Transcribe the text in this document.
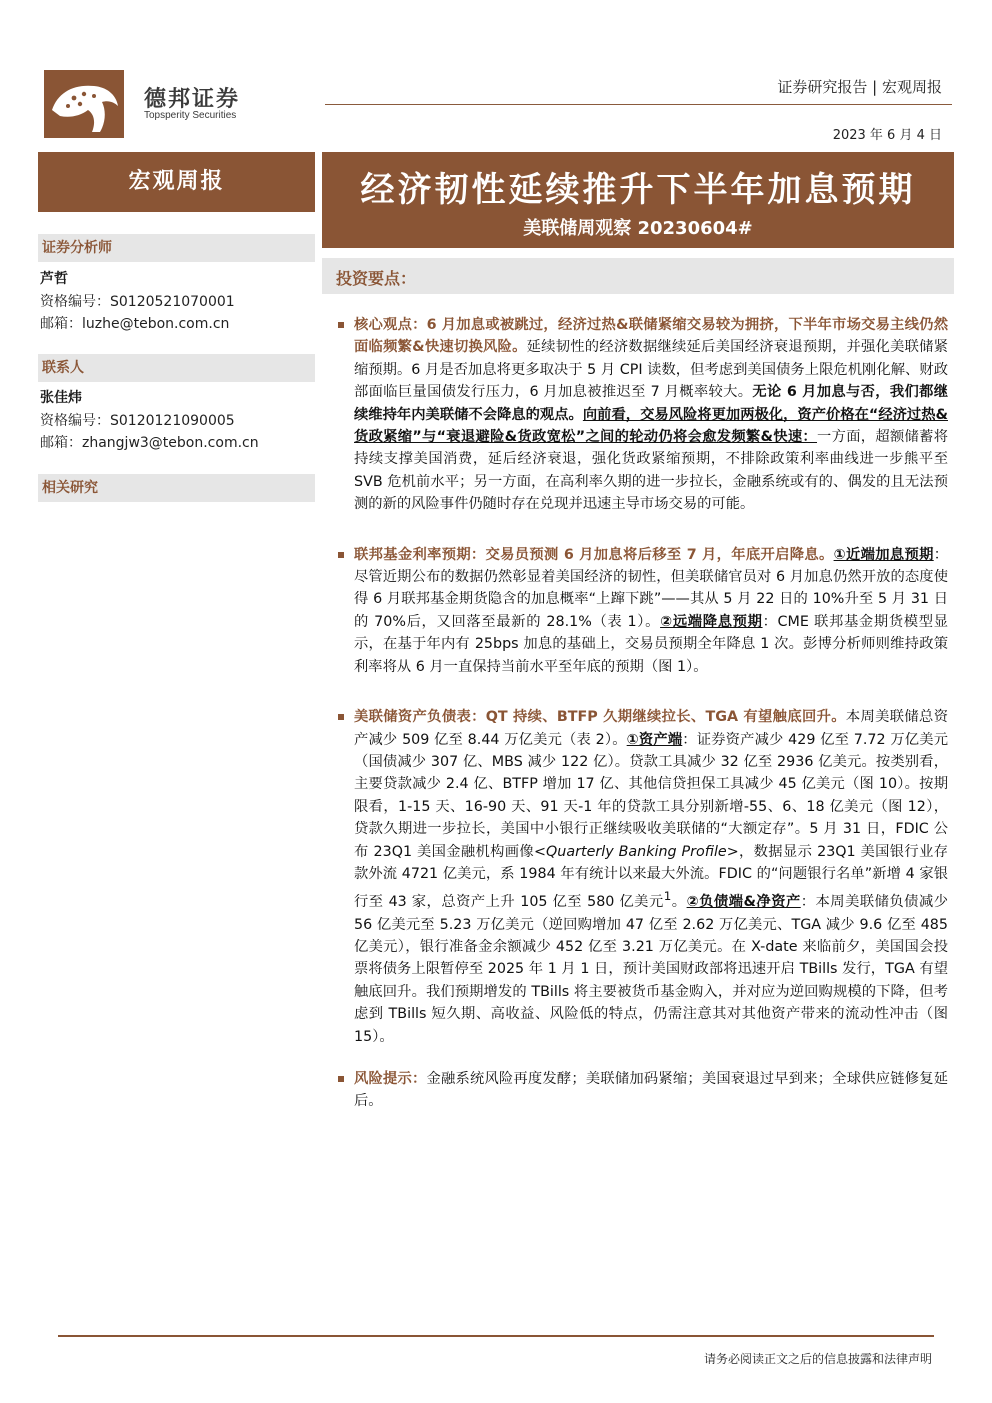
德邦证券
Topsperity Securities
证券研究报告 | 宏观周报
2023 年 6 月 4 日
宏观周报	经济韧性延续推升下半年加息预期
美联储周观察 20230604#
证券分析师
芦哲
资格编号：S0120521070001
邮箱：luzhe@tebon.com.cn
联系人
张佳炜
资格编号：S0120121090005
邮箱：zhangjw3@tebon.com.cn
相关研究
投资要点：
核心观点：6 月加息或被跳过，经济过热&联储紧缩交易较为拥挤，下半年市场交易主线仍然面临频繁&快速切换风险。延续韧性的经济数据继续延后美国经济衰退预期，并强化美联储紧缩预期。6 月是否加息将更多取决于 5 月 CPI 读数，但考虑到美国债务上限危机刚化解、财政部面临巨量国债发行压力，6 月加息被推迟至 7 月概率较大。无论 6 月加息与否，我们都继续维持年内美联储不会降息的观点。向前看，交易风险将更加两极化，资产价格在“经济过热&货政紧缩”与“衰退避险&货政宽松”之间的轮动仍将会愈发频繁&快速：一方面，超额储蓄将持续支撑美国消费，延后经济衰退，强化货政紧缩预期，不排除政策利率曲线进一步熊平至 SVB 危机前水平；另一方面，在高利率久期的进一步拉长，金融系统或有的、偶发的且无法预测的新的风险事件仍随时存在兑现并迅速主导市场交易的可能。
联邦基金利率预期：交易员预测 6 月加息将后移至 7 月，年底开启降息。①近端加息预期：尽管近期公布的数据仍然彰显着美国经济的韧性，但美联储官员对 6 月加息仍然开放的态度使得 6 月联邦基金期货隐含的加息概率“上蹿下跳”——其从 5 月 22 日的 10%升至 5 月 31 日的 70%后，又回落至最新的 28.1%（表 1）。②远端降息预期：CME 联邦基金期货模型显示，在基于年内有 25bps 加息的基础上，交易员预期全年降息 1 次。彭博分析师则维持政策利率将从 6 月一直保持当前水平至年底的预期（图 1）。
美联储资产负债表：QT 持续、BTFP 久期继续拉长、TGA 有望触底回升。本周美联储总资产减少 509 亿至 8.44 万亿美元（表 2）。①资产端：证券资产减少 429 亿至 7.72 万亿美元（国债减少 307 亿、MBS 减少 122 亿）。贷款工具减少 32 亿至 2936 亿美元。按类别看，主要贷款减少 2.4 亿、BTFP 增加 17 亿、其他信贷担保工具减少 45 亿美元（图 10）。按期限看，1-15 天、16-90 天、91 天-1 年的贷款工具分别新增-55、6、18 亿美元（图 12），贷款久期进一步拉长，美国中小银行正继续吸收美联储的“大额定存”。5 月 31 日，FDIC 公布 23Q1 美国金融机构画像<Quarterly Banking Profile>，数据显示 23Q1 美国银行业存款外流 4721 亿美元，系 1984 年有统计以来最大外流。FDIC 的“问题银行名单”新增 4 家银行至 43 家，总资产上升 105 亿至 580 亿美元$^1$。②负债端&净资产：本周美联储负债减少 56 亿美元至 5.23 万亿美元（逆回购增加 47 亿至 2.62 万亿美元、TGA 减少 9.6 亿至 485 亿美元），银行准备金余额减少 452 亿至 3.21 万亿美元。在 X-date 来临前夕，美国国会投票将债务上限暂停至 2025 年 1 月 1 日，预计美国财政部将迅速开启 TBills 发行，TGA 有望触底回升。我们预期增发的 TBills 将主要被货币基金购入，并对应为逆回购规模的下降，但考虑到 TBills 短久期、高收益、风险低的特点，仍需注意其对其他资产带来的流动性冲击（图 15）。
风险提示：金融系统风险再度发酵；美联储加码紧缩；美国衰退过早到来；全球供应链修复延后。
请务必阅读正文之后的信息披露和法律声明
